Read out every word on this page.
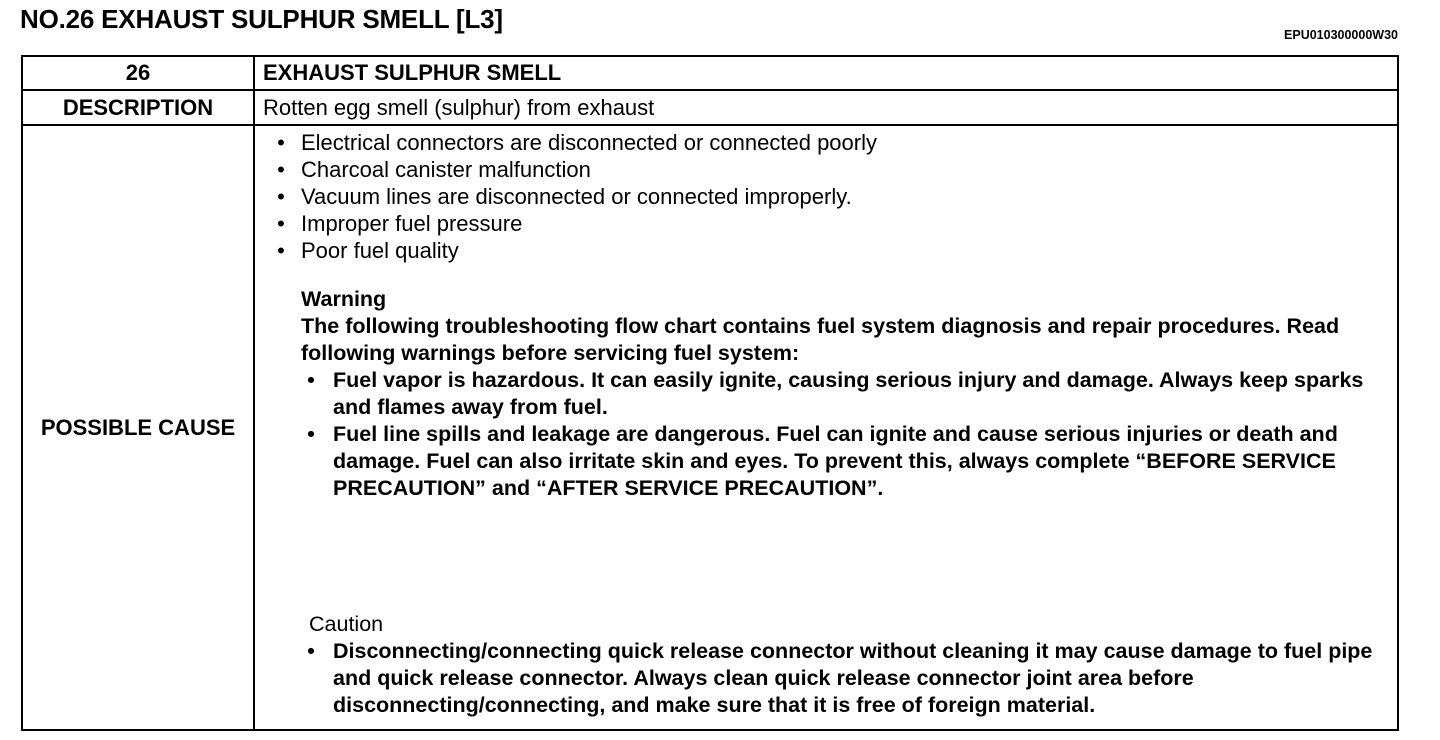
NO.26 EXHAUST SULPHUR SMELL [L3]
EPU010300000W30
26	EXHAUST SULPHUR SMELL
DESCRIPTION	Rotten egg smell (sulphur) from exhaust
POSSIBLE CAUSE
• Electrical connectors are disconnected or connected poorly
• Charcoal canister malfunction
• Vacuum lines are disconnected or connected improperly.
• Improper fuel pressure
• Poor fuel quality
Warning
The following troubleshooting flow chart contains fuel system diagnosis and repair procedures. Read following warnings before servicing fuel system:
• Fuel vapor is hazardous. It can easily ignite, causing serious injury and damage. Always keep sparks and flames away from fuel.
• Fuel line spills and leakage are dangerous. Fuel can ignite and cause serious injuries or death and damage. Fuel can also irritate skin and eyes. To prevent this, always complete “BEFORE SERVICE PRECAUTION” and “AFTER SERVICE PRECAUTION”.
Caution
• Disconnecting/connecting quick release connector without cleaning it may cause damage to fuel pipe and quick release connector. Always clean quick release connector joint area before disconnecting/connecting, and make sure that it is free of foreign material.
